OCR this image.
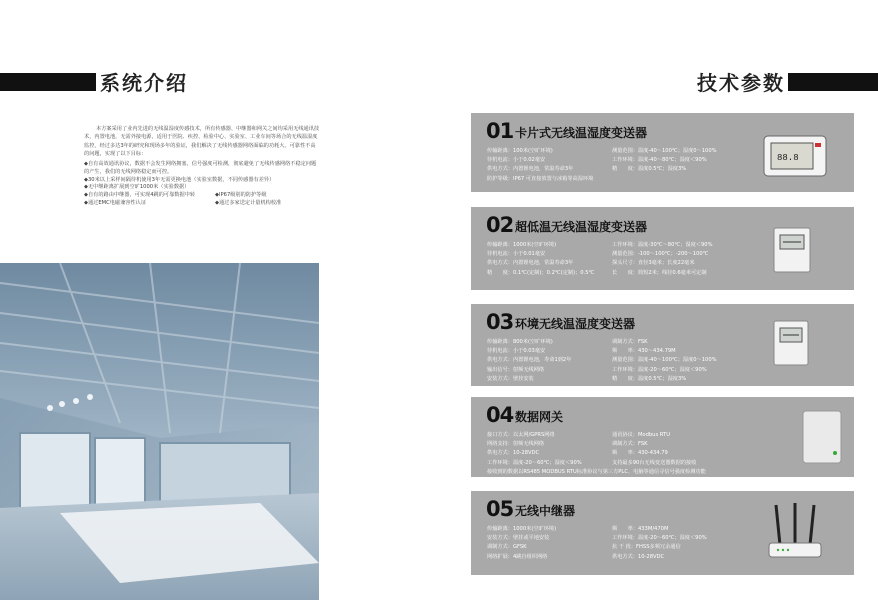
系统介绍

本方案采用了业内先进的无线温湿度传感技术，所有传感器、中继器和网关之间均采用无线通讯技术，内置电池，无需外接电源，适用于医院、疾控、检验中心、实验室、工业车间等场合的无线温湿度监控，经过多达3年的研究和现场多年的验证，我们解决了无线传感器网络面临的功耗大、可靠性不高的问题，实现了以下目标：

◆自有高效通讯协议，数据不会发生网络拥塞，信号强度可检测，彻底避免了无线传感网络不稳定问题的产生，我们的无线网络稳定而可控。
◆30米以上采样间隔待机使用3年无需更换电池（实验室数据，不同传感器有差异）
◆无中继距离扩展到空旷1000米（实验数据）
◆自有的路由中继器，可实现4跳的可靠数据中转	◆IP67级别的防护等级
◆通过EMC电磁兼容性认证	◆通过多家送定计量机构校准
技术参数
01 卡片式无线温湿度变送器
传输距离：100米(空旷环境)	测量范围：温度-40～100℃；湿度0～100%
待机电流：小于0.02毫安	工作环境：温度-40～80℃；湿度＜90%
供电方式：内置锂电池，常温寿命3年	精　　度：温度0.5℃；湿度3%
防护等级：IP67 可直接放置与冰箱等高湿环境
88.8
02 超低温无线温湿度变送器
传输距离：1000米(空旷环境)	工作环境：温度-30℃～80℃；湿度＜90%
待机电流：小于0.01毫安	测量范围：-100～100℃；-200～100℃
供电方式：内置锂电池，常温寿命3年	探头尺寸：直径3毫米；长度22毫米
精　　度：0.1℃(定制)；0.2℃(定制)；0.5℃	长　　度：简短2米；线径0.6毫米可定制
03 环境无线温湿度变送器
传输距离：800米(空旷环境)	调制方式：FSK
待机电流：小于0.03毫安	频　　率：430～434.79M
供电方式：内置锂电池，寿命1到2年	测量范围：温度-40～100℃；湿度0～100%
输出信号：射频无线网络	工作环境：温度-20～60℃；湿度＜90%
安装方式：壁挂安装	精　　度：温度0.5℃；湿度3%
04 数据网关
接口方式：以太网/GPRS网络	通讯协议：Modbus RTU
网络支持：射频无线网络	调制方式：FSK
供电方式：10-28VDC	频　　率：430-434.79
工作环境：温度-20～60℃；湿度＜90%	支持最多90台无线变送器数据的接收
接收到的数据以RS485 MODBUS RTU标准协议与第三方PLC、电脑等通信寻信号强度检测功能
05 无线中继器
传输距离：1000米(空旷环境)	频　　率：433M/470M
安装方式：壁挂或平地安装	工作环境：温度-20～60℃；湿度＜90%
调制方式：GFSK	抗 干 扰：FHSS多频冗余通信
网络扩展：4跳自组织网络	供电方式：10-28VDC
